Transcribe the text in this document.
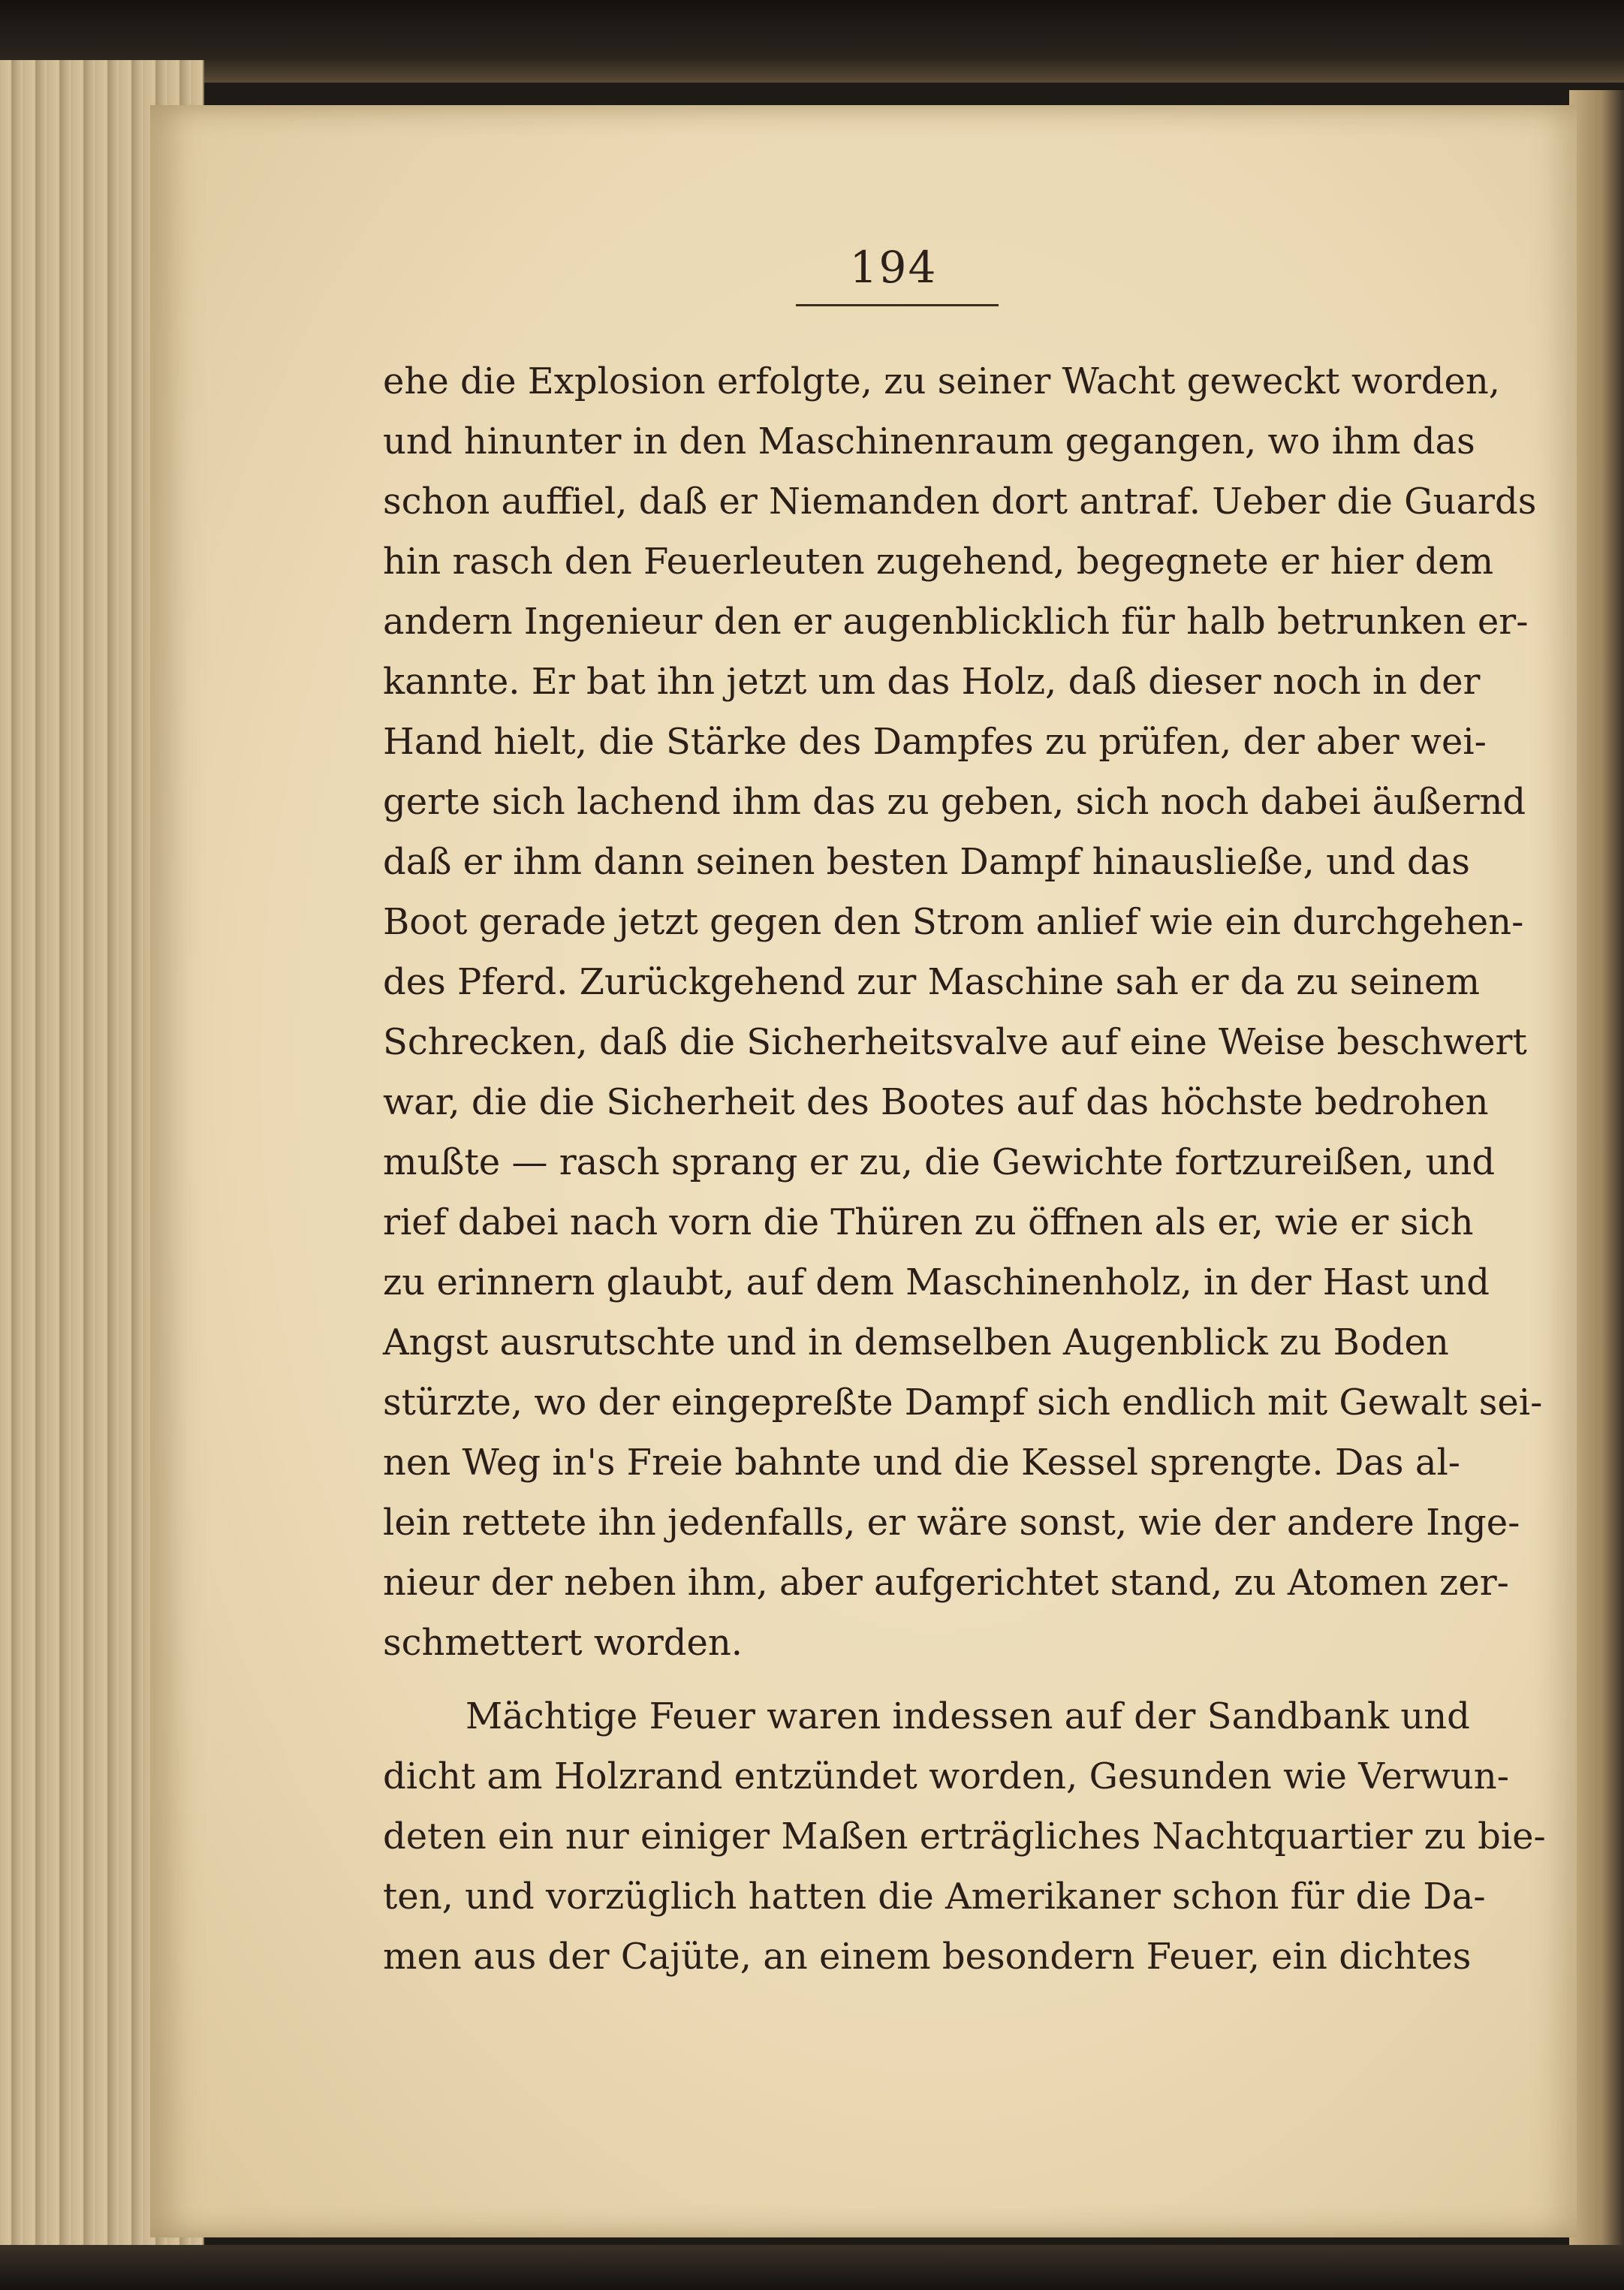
194
ehe die Explosion erfolgte, zu seiner Wacht geweckt worden,
und hinunter in den Maschinenraum gegangen, wo ihm das
schon auffiel, daß er Niemanden dort antraf. Ueber die Guards
hin rasch den Feuerleuten zugehend, begegnete er hier dem
andern Ingenieur den er augenblicklich für halb betrunken er-
kannte. Er bat ihn jetzt um das Holz, daß dieser noch in der
Hand hielt, die Stärke des Dampfes zu prüfen, der aber wei-
gerte sich lachend ihm das zu geben, sich noch dabei äußernd
daß er ihm dann seinen besten Dampf hinausließe, und das
Boot gerade jetzt gegen den Strom anlief wie ein durchgehen-
des Pferd. Zurückgehend zur Maschine sah er da zu seinem
Schrecken, daß die Sicherheitsvalve auf eine Weise beschwert
war, die die Sicherheit des Bootes auf das höchste bedrohen
mußte — rasch sprang er zu, die Gewichte fortzureißen, und
rief dabei nach vorn die Thüren zu öffnen als er, wie er sich
zu erinnern glaubt, auf dem Maschinenholz, in der Hast und
Angst ausrutschte und in demselben Augenblick zu Boden
stürzte, wo der eingepreßte Dampf sich endlich mit Gewalt sei-
nen Weg in's Freie bahnte und die Kessel sprengte. Das al-
lein rettete ihn jedenfalls, er wäre sonst, wie der andere Inge-
nieur der neben ihm, aber aufgerichtet stand, zu Atomen zer-
schmettert worden.
Mächtige Feuer waren indessen auf der Sandbank und
dicht am Holzrand entzündet worden, Gesunden wie Verwun-
deten ein nur einiger Maßen erträgliches Nachtquartier zu bie-
ten, und vorzüglich hatten die Amerikaner schon für die Da-
men aus der Cajüte, an einem besondern Feuer, ein dichtes
